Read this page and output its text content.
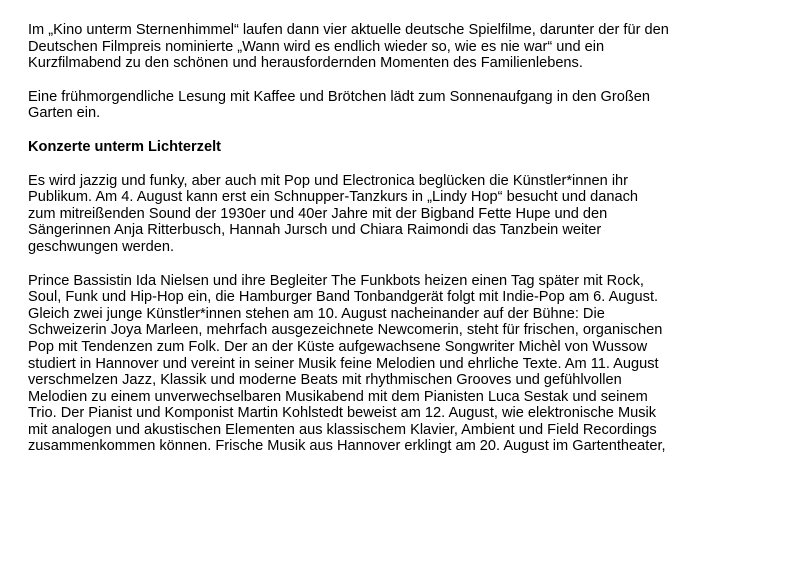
Im „Kino unterm Sternenhimmel“ laufen dann vier aktuelle deutsche Spielfilme, darunter der für den
Deutschen Filmpreis nominierte „Wann wird es endlich wieder so, wie es nie war“ und ein
Kurzfilmabend zu den schönen und herausfordernden Momenten des Familienlebens.

Eine frühmorgendliche Lesung mit Kaffee und Brötchen lädt zum Sonnenaufgang in den Großen
Garten ein.

Konzerte unterm Lichterzelt

Es wird jazzig und funky, aber auch mit Pop und Electronica beglücken die Künstler*innen ihr
Publikum. Am 4. August kann erst ein Schnupper-Tanzkurs in „Lindy Hop“ besucht und danach
zum mitreißenden Sound der 1930er und 40er Jahre mit der Bigband Fette Hupe und den
Sängerinnen Anja Ritterbusch, Hannah Jursch und Chiara Raimondi das Tanzbein weiter
geschwungen werden.

Prince Bassistin Ida Nielsen und ihre Begleiter The Funkbots heizen einen Tag später mit Rock,
Soul, Funk und Hip-Hop ein, die Hamburger Band Tonbandgerät folgt mit Indie-Pop am 6. August.
Gleich zwei junge Künstler*innen stehen am 10. August nacheinander auf der Bühne: Die
Schweizerin Joya Marleen, mehrfach ausgezeichnete Newcomerin, steht für frischen, organischen
Pop mit Tendenzen zum Folk. Der an der Küste aufgewachsene Songwriter Michèl von Wussow
studiert in Hannover und vereint in seiner Musik feine Melodien und ehrliche Texte. Am 11. August
verschmelzen Jazz, Klassik und moderne Beats mit rhythmischen Grooves und gefühlvollen
Melodien zu einem unverwechselbaren Musikabend mit dem Pianisten Luca Sestak und seinem
Trio. Der Pianist und Komponist Martin Kohlstedt beweist am 12. August, wie elektronische Musik
mit analogen und akustischen Elementen aus klassischem Klavier, Ambient und Field Recordings
zusammenkommen können. Frische Musik aus Hannover erklingt am 20. August im Gartentheater,
